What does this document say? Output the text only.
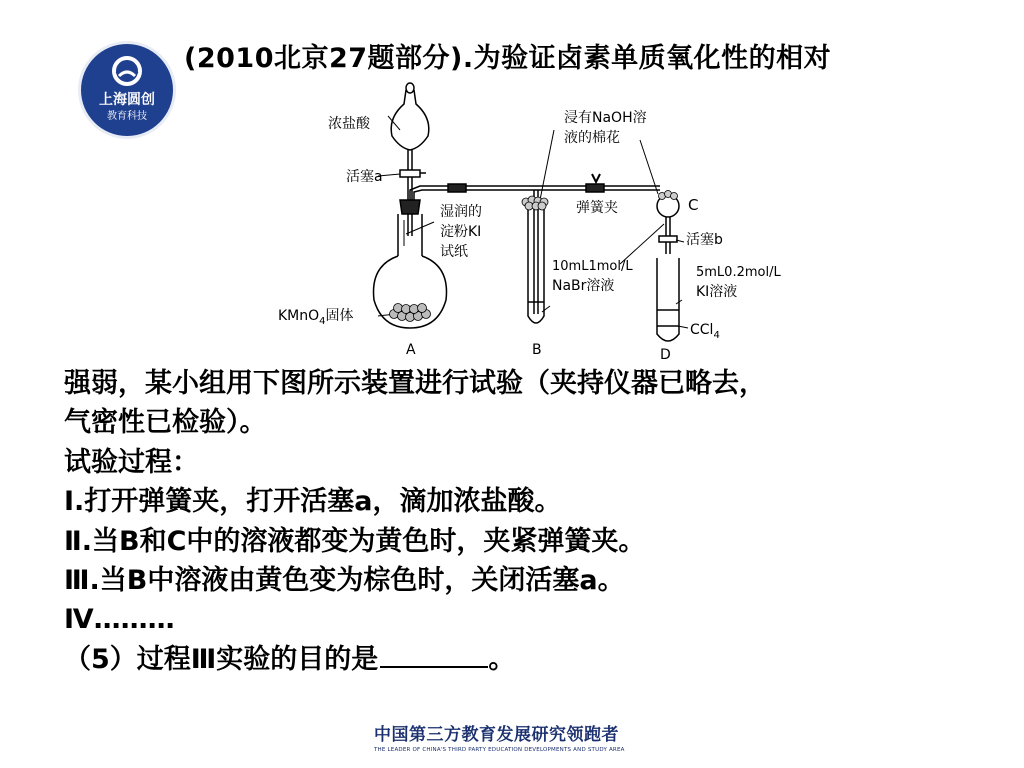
上海圆创
教育科技
(2010北京27题部分).为验证卤素单质氧化性的相对
浓盐酸
活塞a
湿润的
淀粉KI
试纸
KMnO$_4$固体
浸有NaOH溶
液的棉花
弹簧夹	C
活塞b
10mL1mol/L
NaBr溶液
5mL0.2mol/L
KI溶液
CCl$_4$
A	B	D
强弱，某小组用下图所示装置进行试验（夹持仪器已略去，
气密性已检验）。
试验过程：
Ⅰ.打开弹簧夹，打开活塞a，滴加浓盐酸。
Ⅱ.当B和C中的溶液都变为黄色时，夹紧弹簧夹。
Ⅲ.当B中溶液由黄色变为棕色时，关闭活塞a。
Ⅳ………
（5）过程Ⅲ实验的目的是	。
中国第三方教育发展研究领跑者
THE LEADER OF CHINA'S THIRD PARTY EDUCATION DEVELOPMENTS AND STUDY AREA
